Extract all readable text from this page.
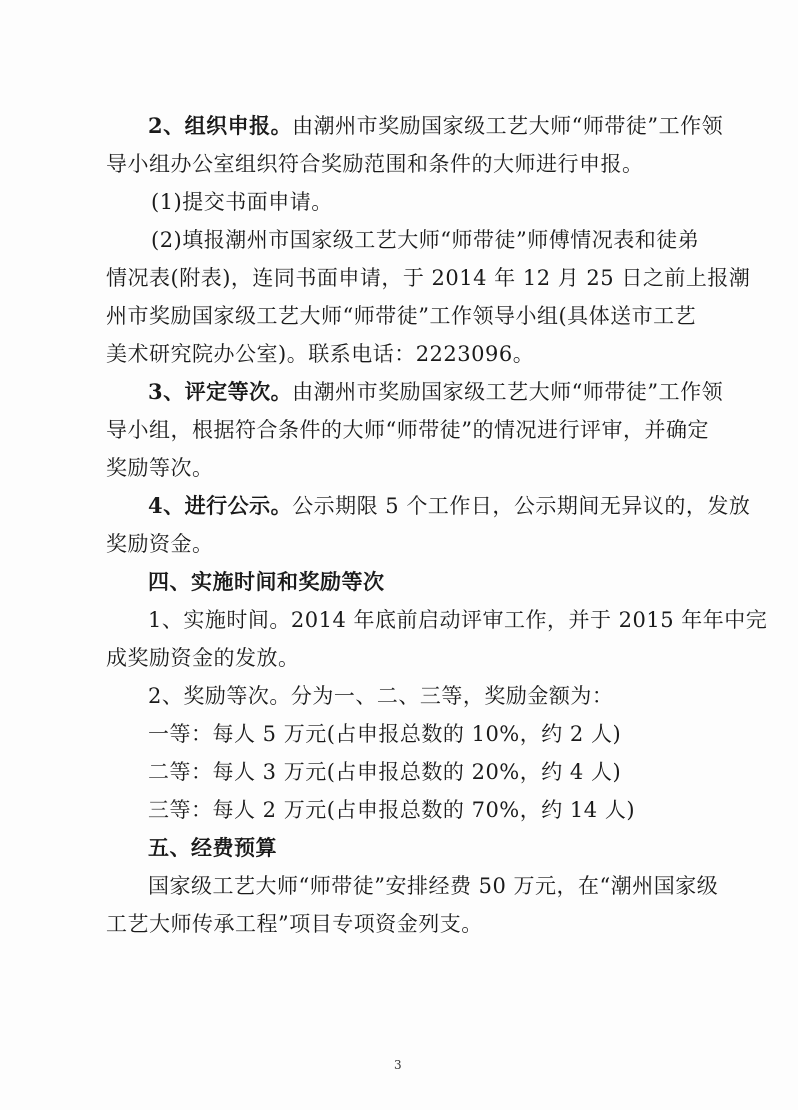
2、组织申报。由潮州市奖励国家级工艺大师“师带徒”工作领
导小组办公室组织符合奖励范围和条件的大师进行申报。
(1)提交书面申请。
(2)填报潮州市国家级工艺大师“师带徒”师傅情况表和徒弟
情况表(附表)，连同书面申请，于 2014 年 12 月 25 日之前上报潮
州市奖励国家级工艺大师“师带徒”工作领导小组(具体送市工艺
美术研究院办公室)。联系电话：2223096。
3、评定等次。由潮州市奖励国家级工艺大师“师带徒”工作领
导小组，根据符合条件的大师“师带徒”的情况进行评审，并确定
奖励等次。
4、进行公示。公示期限 5 个工作日，公示期间无异议的，发放
奖励资金。
四、实施时间和奖励等次
1、实施时间。2014 年底前启动评审工作，并于 2015 年年中完
成奖励资金的发放。
2、奖励等次。分为一、二、三等，奖励金额为：
一等：每人 5 万元(占申报总数的 10%，约 2 人)
二等：每人 3 万元(占申报总数的 20%，约 4 人)
三等：每人 2 万元(占申报总数的 70%，约 14 人)
五、经费预算
国家级工艺大师“师带徒”安排经费 50 万元，在“潮州国家级
工艺大师传承工程”项目专项资金列支。
3
